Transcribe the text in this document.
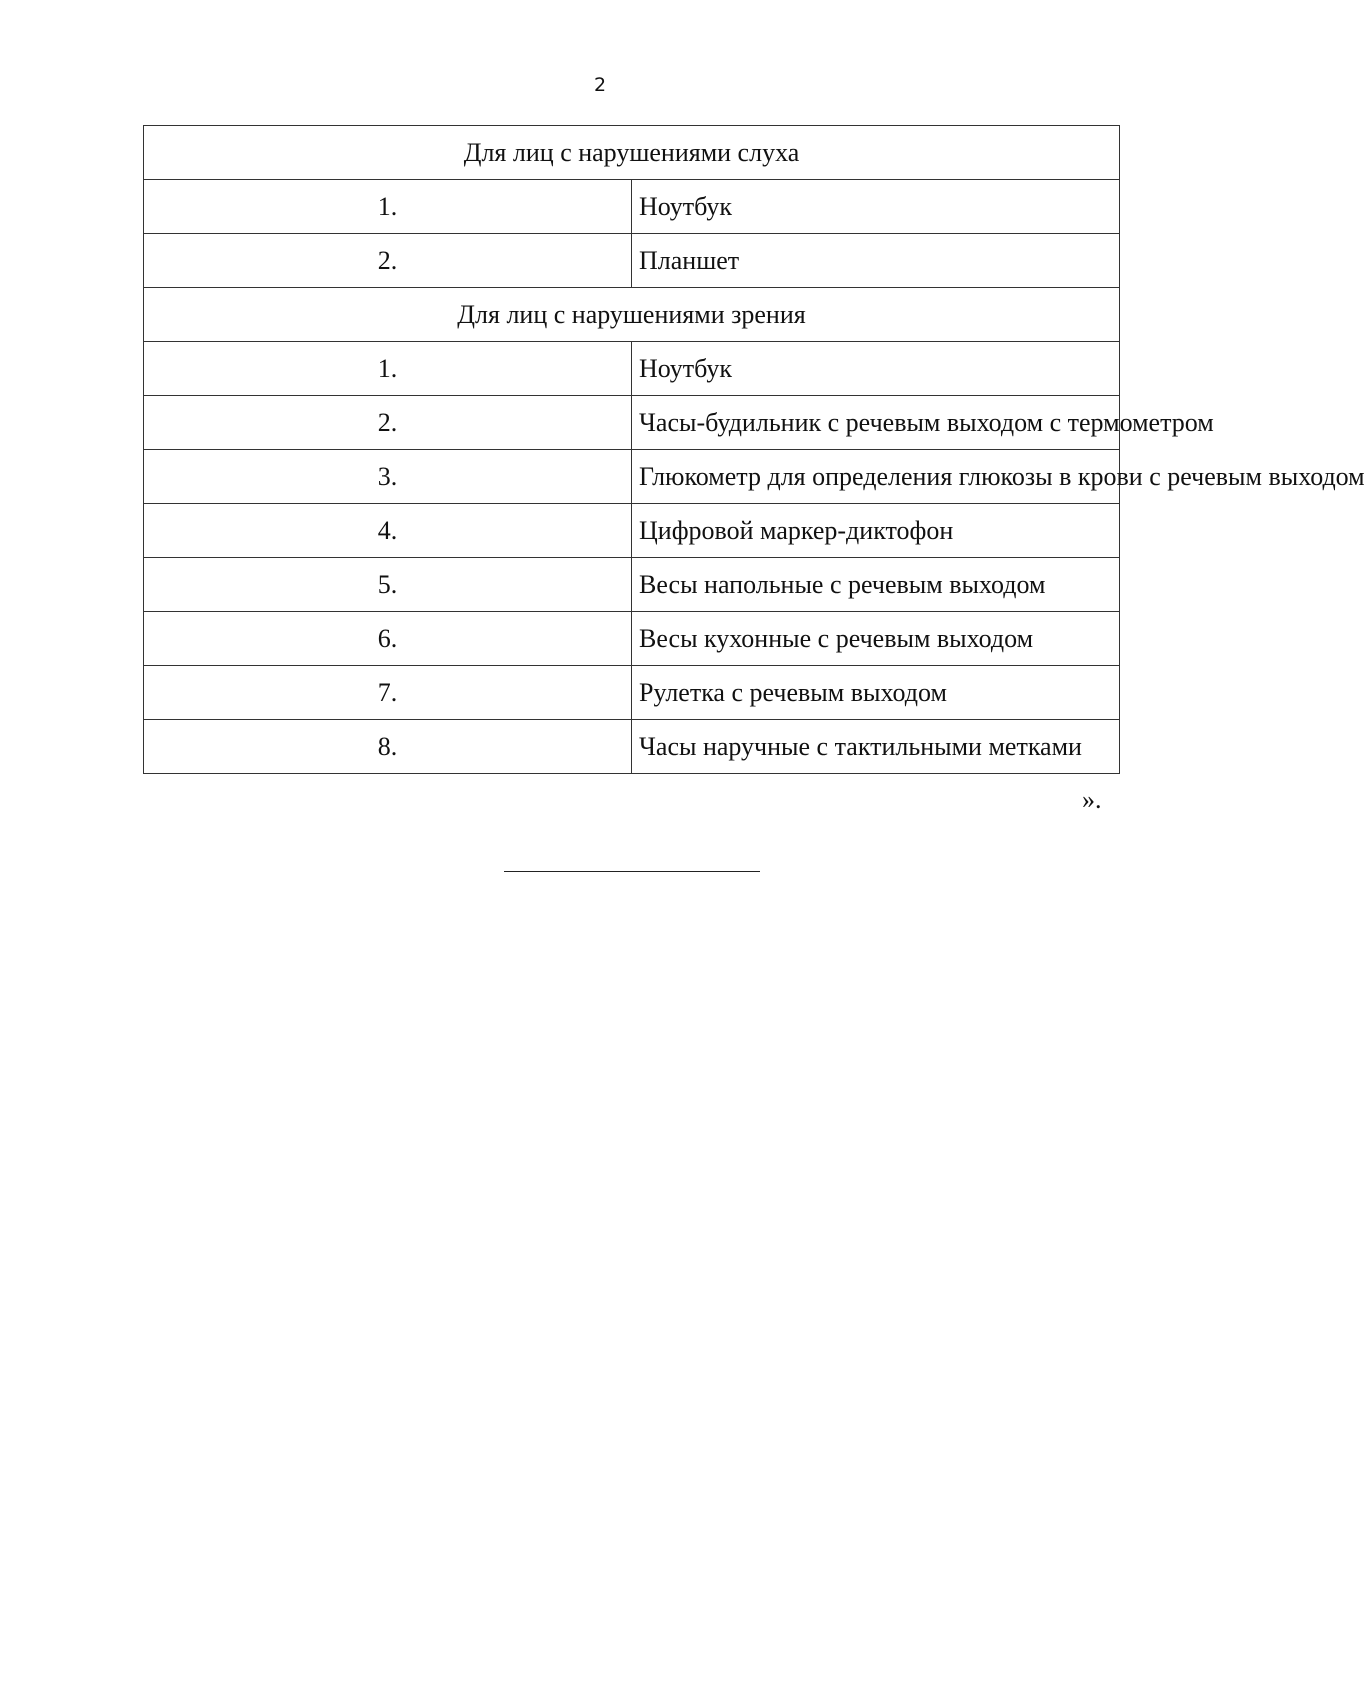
2
Для лиц с нарушениями слуха	
1.	Ноутбук
2.	Планшет
Для лиц с нарушениями зрения	
1.	Ноутбук
2.	Часы-будильник с речевым выходом с термометром
3.	Глюкометр для определения глюкозы в крови с речевым выходом
4.	Цифровой маркер-диктофон
5.	Весы напольные с речевым выходом
6.	Весы кухонные с речевым выходом
7.	Рулетка с речевым выходом
8.	Часы наручные с тактильными метками
».
